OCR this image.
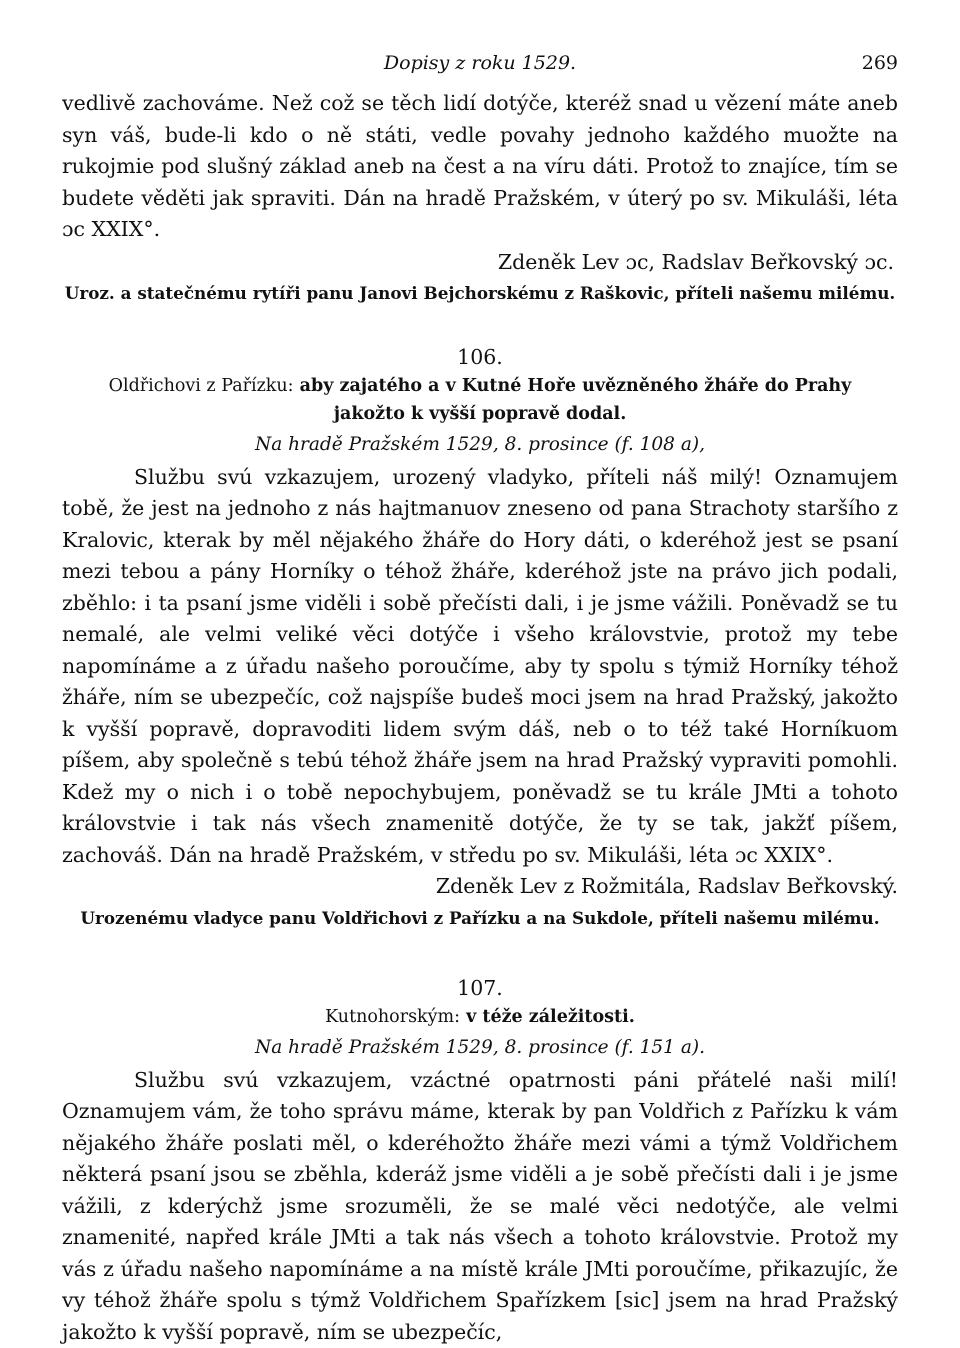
Dopisy z roku 1529.	269

vedlivě zachováme. Než což se těch lidí dotýče, kteréž snad u vězení máte aneb syn váš, bude-li kdo o ně státi, vedle povahy jednoho každého muožte na rukojmie pod slušný základ aneb na čest a na víru dáti. Protož to znajíce, tím se budete věděti jak spraviti. Dán na hradě Pražském, v úterý po sv. Mikuláši, léta ɔc XXIX°.

Zdeněk Lev ɔc, Radslav Beřkovský ɔc.

Uroz. a statečnému rytíři panu Janovi Bejchorskému z Raškovic, příteli našemu milému.

106.

Oldřichovi z Pařízku: aby zajatého a v Kutné Hoře uvězněného žháře do Prahy jakožto k vyšší popravě dodal.

Na hradě Pražském 1529, 8. prosince (f. 108 a),

Službu svú vzkazujem, urozený vladyko, příteli náš milý! Oznamujem tobě, že jest na jednoho z nás hajtmanuov zneseno od pana Strachoty staršího z Kralovic, kterak by měl nějakého žháře do Hory dáti, o kderéhož jest se psaní mezi tebou a pány Horníky o téhož žháře, kderéhož jste na právo jich podali, zběhlo: i ta psaní jsme viděli i sobě přečísti dali, i je jsme vážili. Poněvadž se tu nemalé, ale velmi veliké věci dotýče i všeho královstvie, protož my tebe napomínáme a z úřadu našeho poroučíme, aby ty spolu s týmiž Horníky téhož žháře, ním se ubezpečíc, což najspíše budeš moci jsem na hrad Pražský, jakožto k vyšší popravě, dopravoditi lidem svým dáš, neb o to též také Horníkuom píšem, aby společně s tebú téhož žháře jsem na hrad Pražský vypraviti pomohli. Kdež my o nich i o tobě nepochybujem, poněvadž se tu krále JMti a tohoto královstvie i tak nás všech znamenitě dotýče, že ty se tak, jakžť píšem, zachováš. Dán na hradě Pražském, v středu po sv. Mikuláši, léta ɔc XXIX°.
Zdeněk Lev z Rožmitála, Radslav Beřkovský.

Urozenému vladyce panu Voldřichovi z Pařízku a na Sukdole, příteli našemu milému.

107.

Kutnohorským: v téže záležitosti.

Na hradě Pražském 1529, 8. prosince (f. 151 a).

Službu svú vzkazujem, vzáctné opatrnosti páni přátelé naši milí! Oznamujem vám, že toho správu máme, kterak by pan Voldřich z Pařízku k vám nějakého žháře poslati měl, o kderéhožto žháře mezi vámi a týmž Voldřichem některá psaní jsou se zběhla, kderáž jsme viděli a je sobě přečísti dali i je jsme vážili, z kderýchž jsme srozuměli, že se malé věci nedotýče, ale velmi znamenité, napřed krále JMti a tak nás všech a tohoto královstvie. Protož my vás z úřadu našeho napomínáme a na místě krále JMti poroučíme, přikazujíc, že vy téhož žháře spolu s týmž Voldřichem Spařízkem [sic] jsem na hrad Pražský jakožto k vyšší popravě, ním se ubezpečíc,
